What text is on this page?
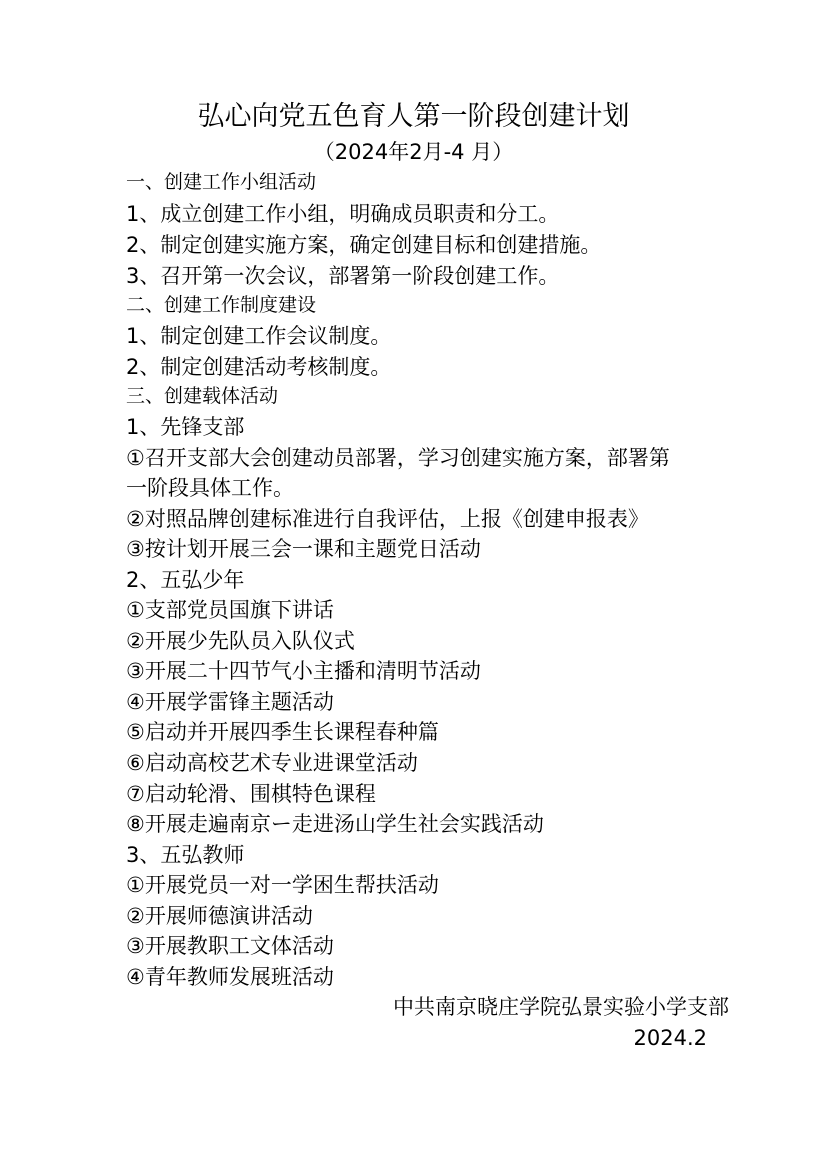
弘心向党五色育人第一阶段创建计划

（2024年2月-4 月）

一、创建工作小组活动

1、成立创建工作小组，明确成员职责和分工。

2、制定创建实施方案，确定创建目标和创建措施。

3、召开第一次会议，部署第一阶段创建工作。

二、创建工作制度建设

1、制定创建工作会议制度。

2、制定创建活动考核制度。

三、创建载体活动

1、先锋支部

①召开支部大会创建动员部署，学习创建实施方案，部署第

一阶段具体工作。

②对照品牌创建标准进行自我评估，上报《创建申报表》

③按计划开展三会一课和主题党日活动

2、五弘少年

①支部党员国旗下讲话

②开展少先队员入队仪式

③开展二十四节气小主播和清明节活动

④开展学雷锋主题活动

⑤启动并开展四季生长课程春种篇

⑥启动高校艺术专业进课堂活动

⑦启动轮滑、围棋特色课程

⑧开展走遍南京ー走进汤山学生社会实践活动

3、五弘教师

①开展党员一对一学困生帮扶活动

②开展师德演讲活动

③开展教职工文体活动

④青年教师发展班活动

中共南京晓庄学院弘景实验小学支部

2024.2
